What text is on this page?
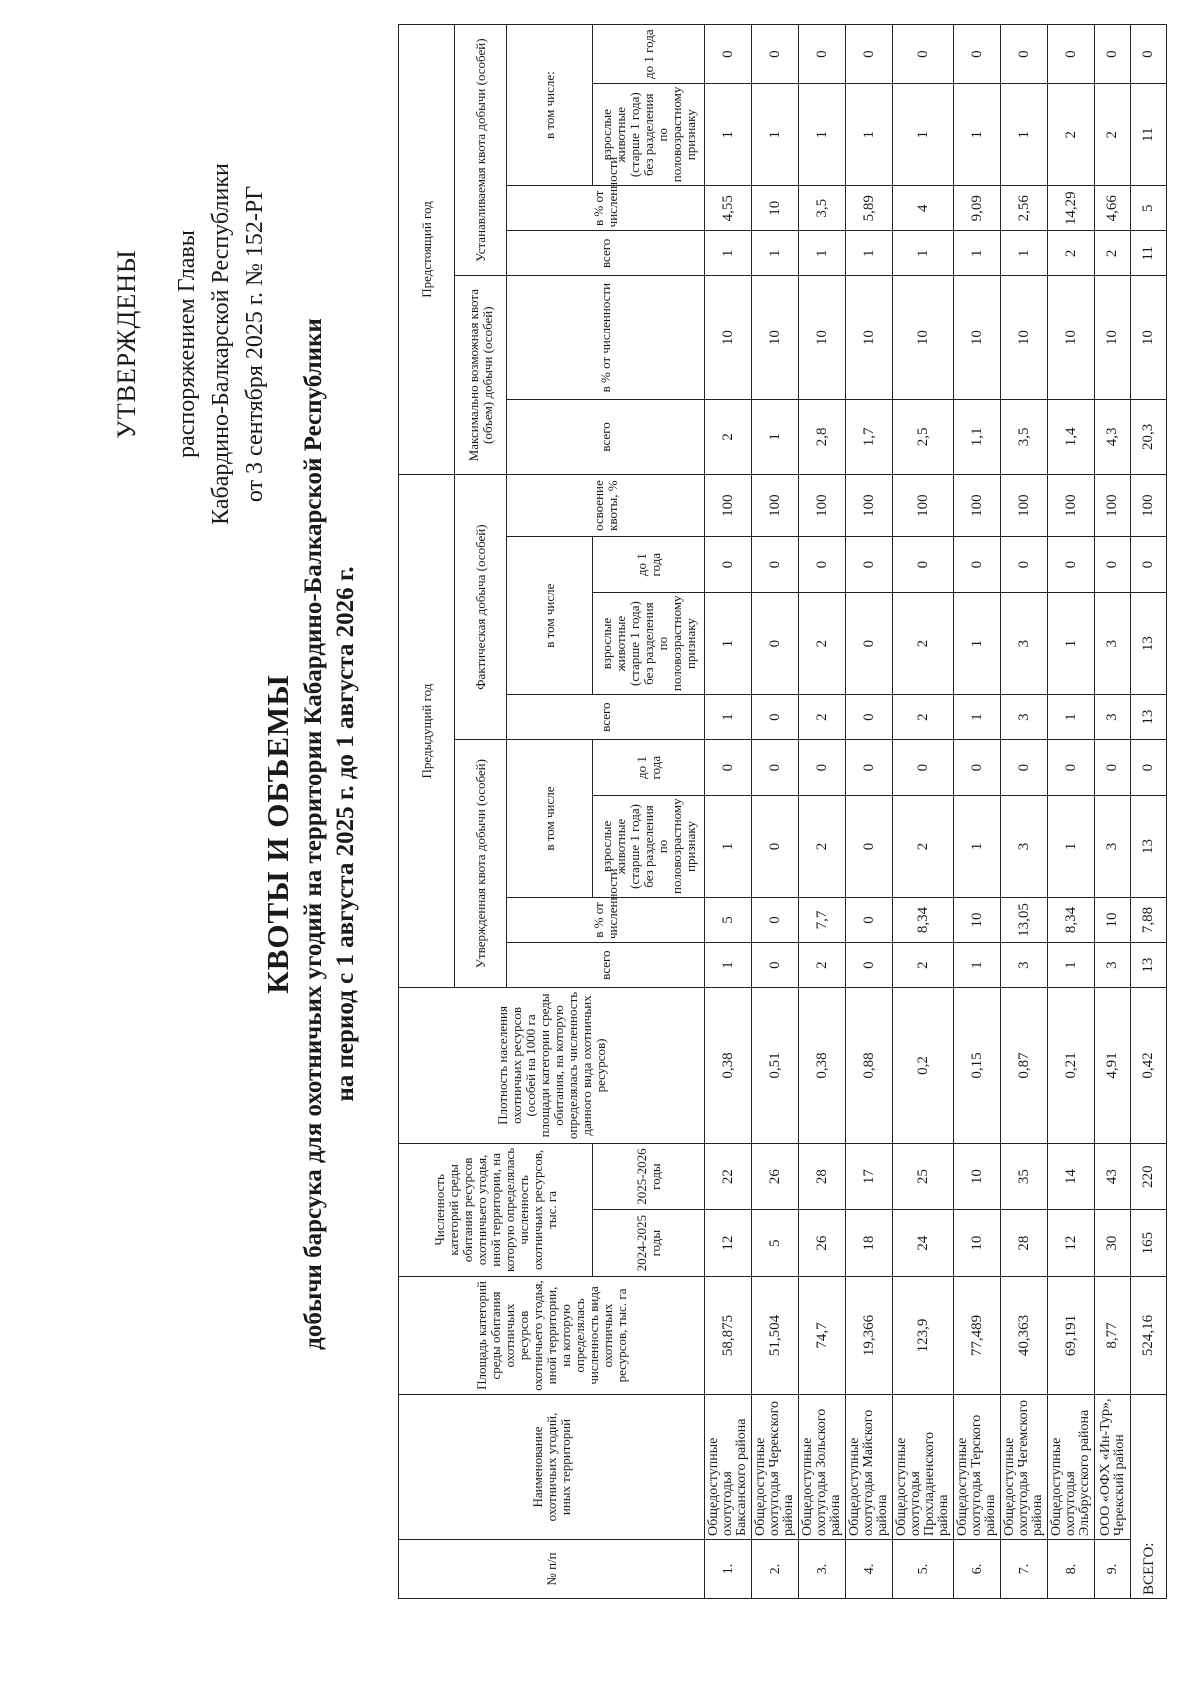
УТВЕРЖДЕНЫ распоряжением Главы Кабардино-Балкарской Республики от 3 сентября 2025 г. № 152-РГ
КВОТЫ И ОБЪЕМЫ добычи барсука для охотничьих угодий на территории Кабардино-Балкарской Республики на период с 1 августа 2025 г. до 1 августа 2026 г.
№ п/п	Наименование охотничьих угодий, иных территорий	Площадь категорий среды обитания охотничьих ресурсов охотничьего угодья, иной территории, на которую определялась численность вида охотничьих ресурсов, тыс. га	Численность категорий среды обитания ресурсов охотничьего угодья, иной территории, на которую определялась численность охотничьих ресурсов, тыс. га		Плотность населения охотничьих ресурсов (особей на 1000 га площади категории среды обитания, на которую определялась численность данного вида охотничьих ресурсов)	Предыдущий год								Предстоящий год					
						Утвержденная квота добычи (особей)				Фактическая добыча (особей)				Максимально возможная квота (объем) добычи (особей)		Устанавливаемая квота добычи (особей)			
						всего	в % от численности	в том числе		всего	в том числе		освоение квоты, %	всего	в % от численности	всего	в % от численности	в том числе:	
			2024-2025 годы	2025-2026 годы				взрослые животные (старше 1 года) без разделения по половозрастному признаку	до 1 года		взрослые животные (старше 1 года) без разделения по половозрастному признаку	до 1 года						взрослые животные (старше 1 года) без разделения по половозрастному признаку	до 1 года
1.	Общедоступные охотугодья Баксанского района	58,875	12	22	0,38	1	5	1	0	1	1	0	100	2	10	1	4,55	1	0
2.	Общедоступные охотугодья Черекского района	51,504	5	26	0,51	0	0	0	0	0	0	0	100	1	10	1	10	1	0
3.	Общедоступные охотугодья Зольского района	74,7	26	28	0,38	2	7,7	2	0	2	2	0	100	2,8	10	1	3,5	1	0
4.	Общедоступные охотугодья Майского района	19,366	18	17	0,88	0	0	0	0	0	0	0	100	1,7	10	1	5,89	1	0
5.	Общедоступные охотугодья Прохладненского района	123,9	24	25	0,2	2	8,34	2	0	2	2	0	100	2,5	10	1	4	1	0
6.	Общедоступные охотугодья Терского района	77,489	10	10	0,15	1	10	1	0	1	1	0	100	1,1	10	1	9,09	1	0
7.	Общедоступные охотугодья Чегемского района	40,363	28	35	0,87	3	13,05	3	0	3	3	0	100	3,5	10	1	2,56	1	0
8.	Общедоступные охотугодья Эльбрусского района	69,191	12	14	0,21	1	8,34	1	0	1	1	0	100	1,4	10	2	14,29	2	0
9.	ООО «ОФХ «Ин-Тур», Черекский район	8,77	30	43	4,91	3	10	3	0	3	3	0	100	4,3	10	2	4,66	2	0
ВСЕГО:		524,16	165	220	0,42	13	7,88	13	0	13	13	0	100	20,3	10	11	5	11	0
